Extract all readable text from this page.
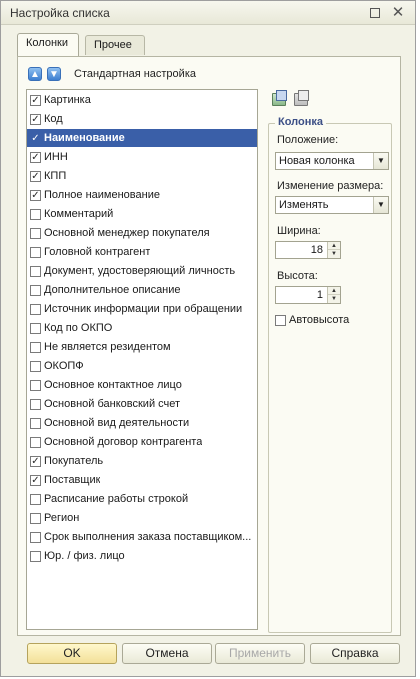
Настройка списка	✕
Колонки	Прочее
▲ ▼ Стандартная настройка
✓ Картинка
✓ Код
✓ Наименование
✓ ИНН
✓ КПП
✓ Полное наименование
Комментарий
Основной менеджер покупателя
Головной контрагент
Документ, удостоверяющий личность
Дополнительное описание
Источник информации при обращении
Код по ОКПО
Не является резидентом
ОКОПФ
Основное контактное лицо
Основной банковский счет
Основной вид деятельности
Основной договор контрагента
✓ Покупатель
✓ Поставщик
Расписание работы строкой
Регион
Срок выполнения заказа поставщиком...
Юр. / физ. лицо
Колонка
Положение:
Новая колонка	▼
Изменение размера:
Изменять	▼
Ширина:
18	▲
▼
Высота:
1	▲
▼
Автовысота
OK	Отмена	Применить	Справка
